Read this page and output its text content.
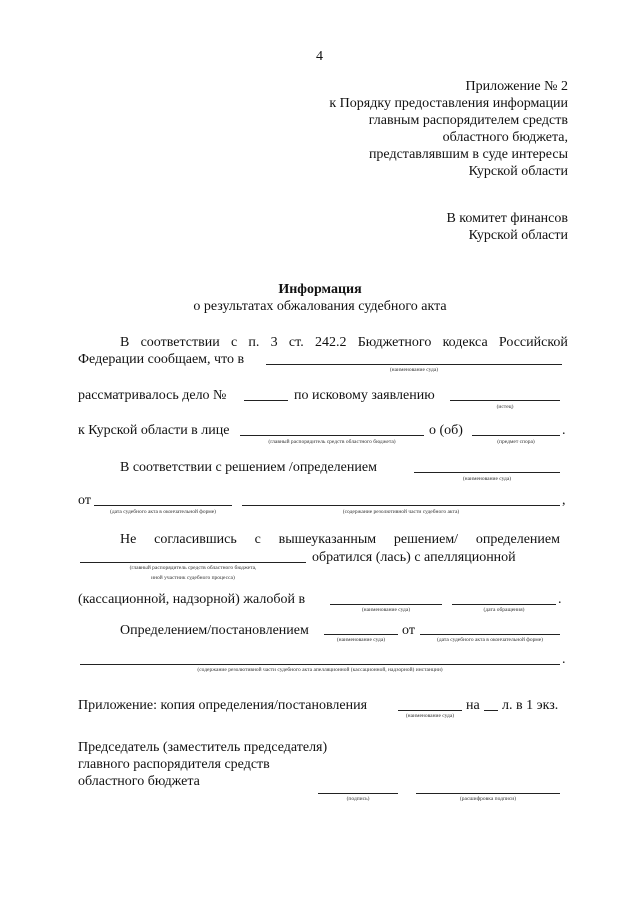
4
Приложение № 2
к Порядку предоставления информации
главным распорядителем средств
областного бюджета,
представлявшим в суде интересы
Курской области
В комитет финансов
Курской области
Информация
о результатах обжалования судебного акта
В соответствии с п. 3 ст. 242.2 Бюджетного кодекса Российской
Федерации сообщаем, что в
(наименование суда)
рассматривалось дело №	по исковому заявлению
(истец)
к Курской области в лице
(главный распорядитель средств областного бюджета)
о (об)	.
(предмет спора)
В соответствии с решением /определением
(наименование суда)
от
(дата судебного акта в окончательной форме)
,
(содержание резолютивной части судебного акта)
Не согласившись с вышеуказанным решением/ определением
обратился (лась) с апелляционной
(главный распорядитель средств областного бюджета,
иной участник судебного процесса)
(кассационной, надзорной) жалобой в
(наименование суда)
.
(дата обращения)
Определением/постановлением
(наименование суда)
от
(дата судебного акта в окончательной форме)
.
(содержание резолютивной части судебного акта апелляционной (кассационной, надзорной) инстанции)
Приложение: копия определения/постановления
(наименование суда)
на л. в 1 экз.
Председатель (заместитель председателя)
главного распорядителя средств
областного бюджета
(подпись)	(расшифровка подписи)
